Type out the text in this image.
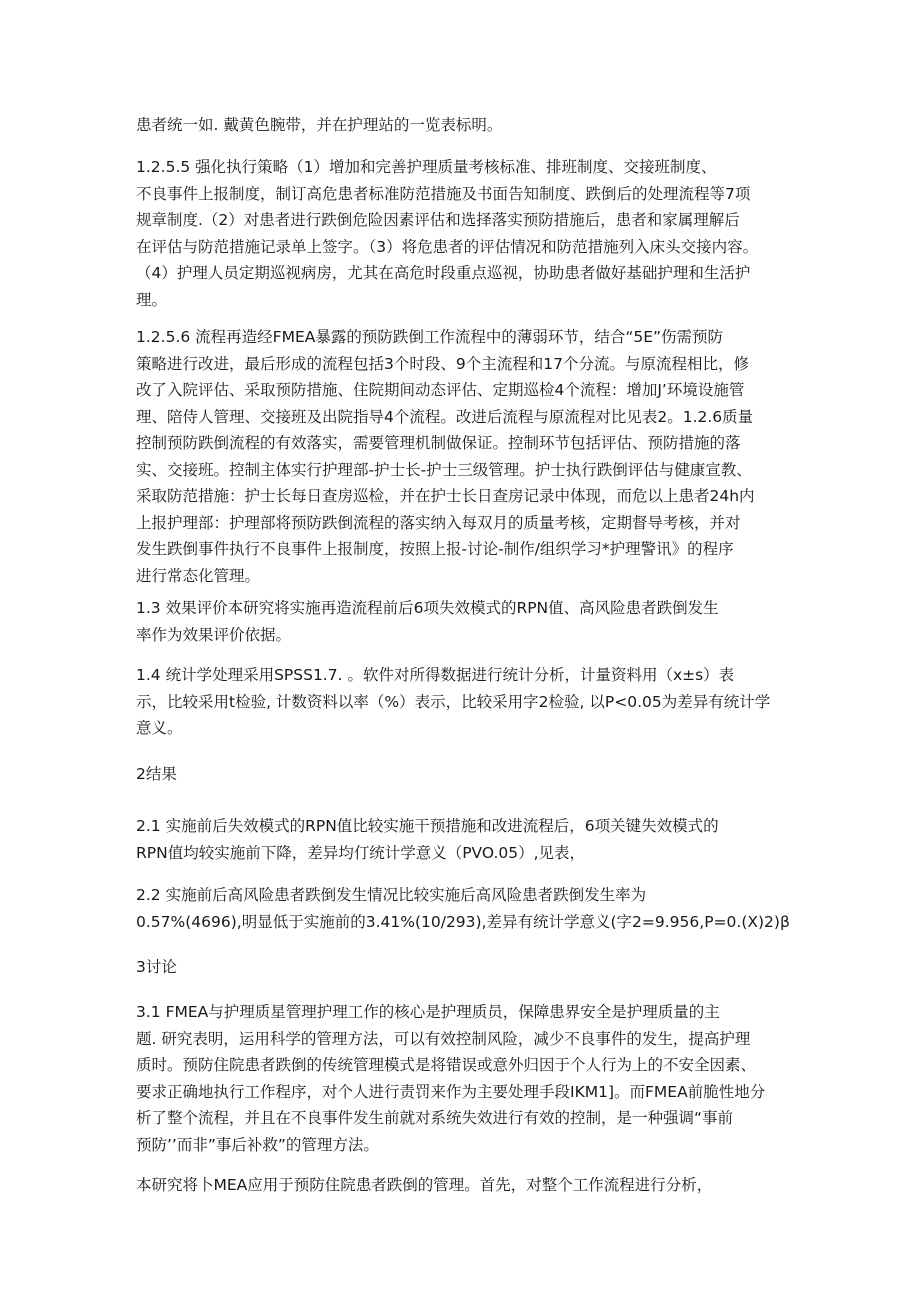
患者统一如. 戴黄色腕带，并在护理站的一览表标明。

1.2.5.5 强化执行策略（1）增加和完善护理质量考核标准、排班制度、交接班制度、
不良事件上报制度，制订高危患者标准防范措施及书面告知制度、跌倒后的处理流程等7项
规章制度.（2）对患者进行跌倒危险因素评估和选择落实预防措施后，患者和家属理解后
在评估与防范措施记录单上签字。（3）将危患者的评估情况和防范措施列入床头交接内容。
（4）护理人员定期巡视病房，尤其在高危时段重点巡视，协助患者做好基础护理和生活护
理。

1.2.5.6 流程再造经FMEA暴露的预防跌倒工作流程中的薄弱环节，结合“5E”伤需预防
策略进行改进，最后形成的流程包括3个时段、9个主流程和17个分流。与原流程相比，修
改了入院评估、采取预防措施、住院期间动态评估、定期巡检4个流程：增加J’环境设施管
理、陪侍人管理、交接班及出院指导4个流程。改进后流程与原流程对比见表2。1.2.6质量
控制预防跌倒流程的有效落实，需要管理机制做保证。控制环节包括评估、预防措施的落
实、交接班。控制主体实行护理部-护士长-护士三级管理。护士执行跌倒评估与健康宣教、
采取防范措施：护士长每日查房巡检，并在护士长日查房记录中体现，而危以上患者24h内
上报护理部：护理部将预防跌倒流程的落实纳入每双月的质量考核，定期督导考核，并对
发生跌倒事件执行不良事件上报制度，按照上报-讨论-制作/组织学习*护理警讯》的程序
进行常态化管理。

1.3 效果评价本研究将实施再造流程前后6项失效模式的RPN值、高风险患者跌倒发生
率作为效果评价依据。

1.4 统计学处理采用SPSS1.7. 。软件对所得数据进行统计分析，计量资料用（x±s）表
示，比较采用t检验, 计数资料以率（%）表示，比较采用字2检验, 以P<0.05为差异有统计学
意义。

2结果

2.1 实施前后失效模式的RPN值比较实施干预措施和改进流程后，6项关键失效模式的
RPN值均较实施前下降，差异均仃统计学意义（PVO.05）,见表，

2.2 实施前后高风险患者跌倒发生情况比较实施后高风险患者跌倒发生率为
0.57%(4696),明显低于实施前的3.41%(10/293),差异有统计学意义(字2=9.956,P=0.(X)2)β

3讨论

3.1 FMEA与护理质星管理护理工作的核心是护理质员，保障患界安全是护理质量的主
题. 研究表明，运用科学的管理方法，可以有效控制风险，减少不良事件的发生，提高护理
质时。预防住院患者跌倒的传统管理模式是将错误或意外归因于个人行为上的不安全因素、
要求正确地执行工作程序，对个人进行责罚来作为主要处理手段IKM1]。而FMEA前脆性地分
析了整个流程，并且在不良事件发生前就对系统失效进行有效的控制，是一种强调“事前
预防’’而非”事后补救”的管理方法。

本研究将卜MEA应用于预防住院患者跌倒的管理。首先，对整个工作流程进行分析，
